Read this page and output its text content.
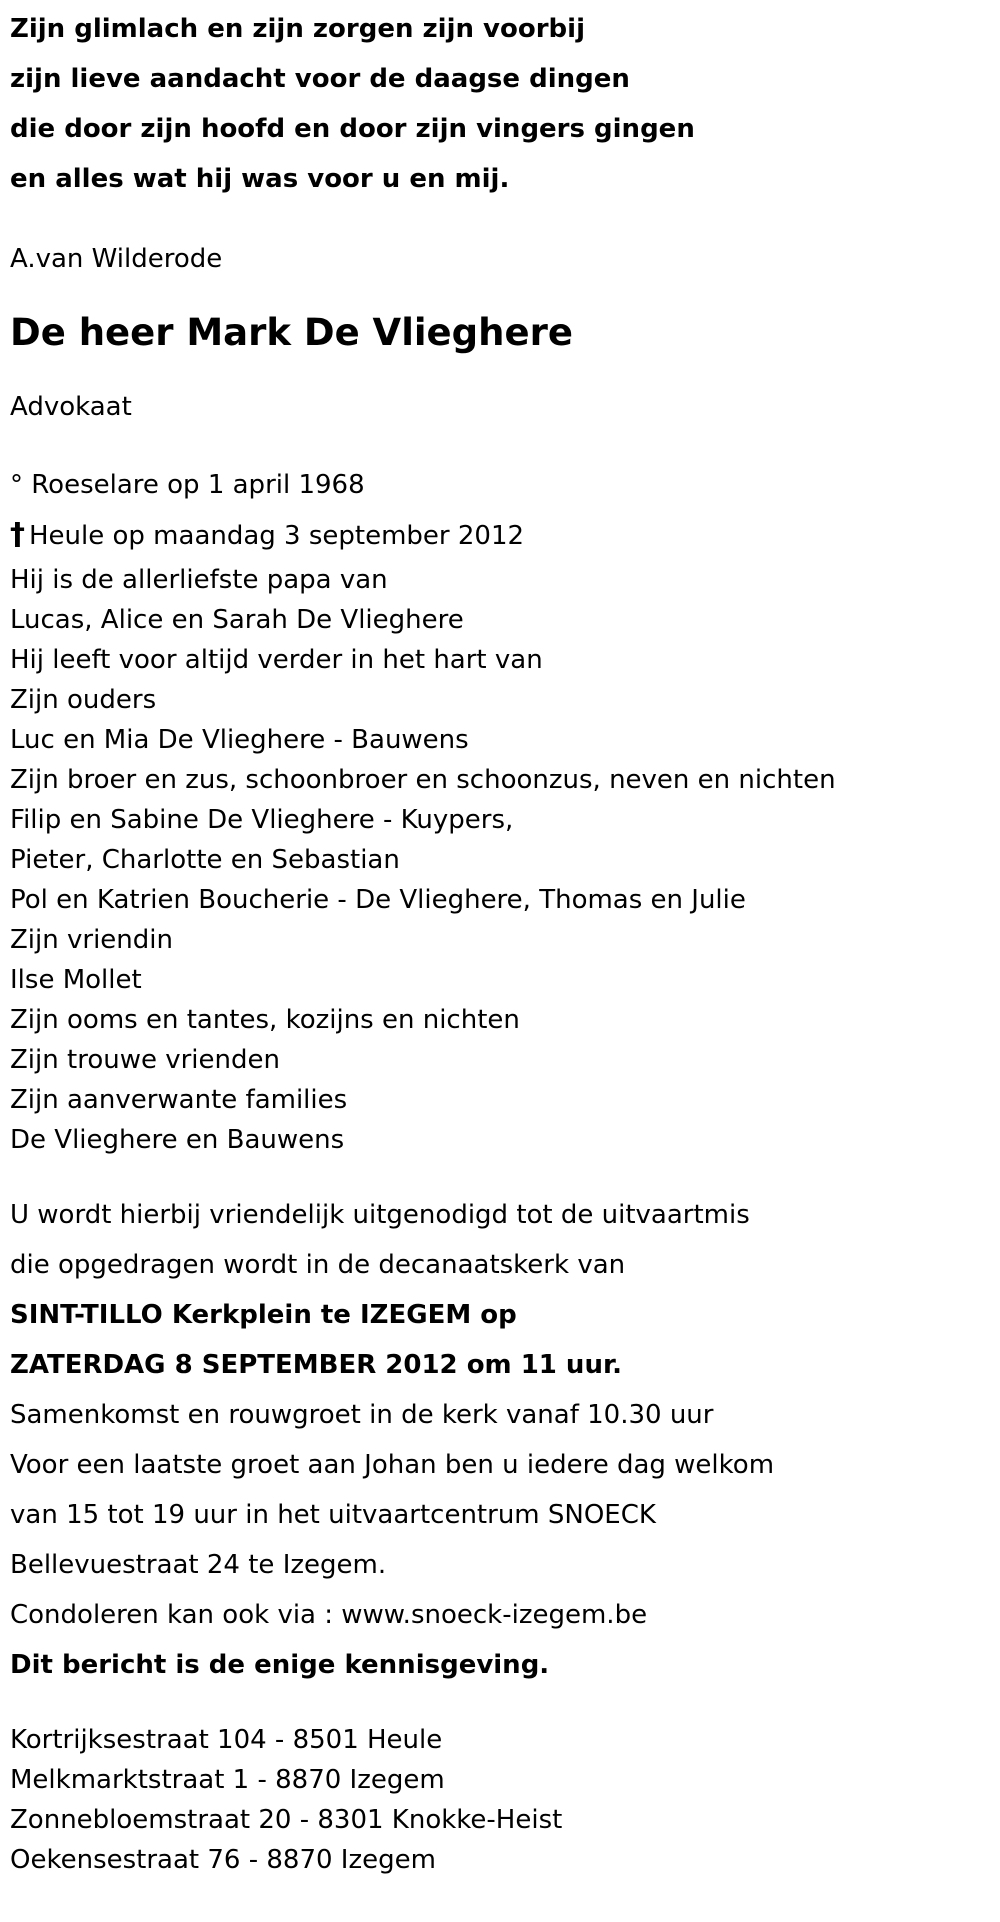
Zijn glimlach en zijn zorgen zijn voorbij
zijn lieve aandacht voor de daagse dingen
die door zijn hoofd en door zijn vingers gingen
en alles wat hij was voor u en mij.
A.van Wilderode
De heer Mark De Vlieghere
Advokaat
° Roeselare op 1 april 1968
† Heule op maandag 3 september 2012
Hij is de allerliefste papa van
Lucas, Alice en Sarah De Vlieghere
Hij leeft voor altijd verder in het hart van
Zijn ouders
Luc en Mia De Vlieghere - Bauwens
Zijn broer en zus, schoonbroer en schoonzus, neven en nichten
Filip en Sabine De Vlieghere - Kuypers,
Pieter, Charlotte en Sebastian
Pol en Katrien Boucherie - De Vlieghere, Thomas en Julie
Zijn vriendin
Ilse Mollet
Zijn ooms en tantes, kozijns en nichten
Zijn trouwe vrienden
Zijn aanverwante families
De Vlieghere en Bauwens
U wordt hierbij vriendelijk uitgenodigd tot de uitvaartmis
die opgedragen wordt in de decanaatskerk van
SINT-TILLO Kerkplein te IZEGEM op
ZATERDAG 8 SEPTEMBER 2012 om 11 uur.
Samenkomst en rouwgroet in de kerk vanaf 10.30 uur
Voor een laatste groet aan Johan ben u iedere dag welkom
van 15 tot 19 uur in het uitvaartcentrum SNOECK
Bellevuestraat 24 te Izegem.
Condoleren kan ook via : www.snoeck-izegem.be
Dit bericht is de enige kennisgeving.
Kortrijksestraat 104 - 8501 Heule
Melkmarktstraat 1 - 8870 Izegem
Zonnebloemstraat 20 - 8301 Knokke-Heist
Oekensestraat 76 - 8870 Izegem
